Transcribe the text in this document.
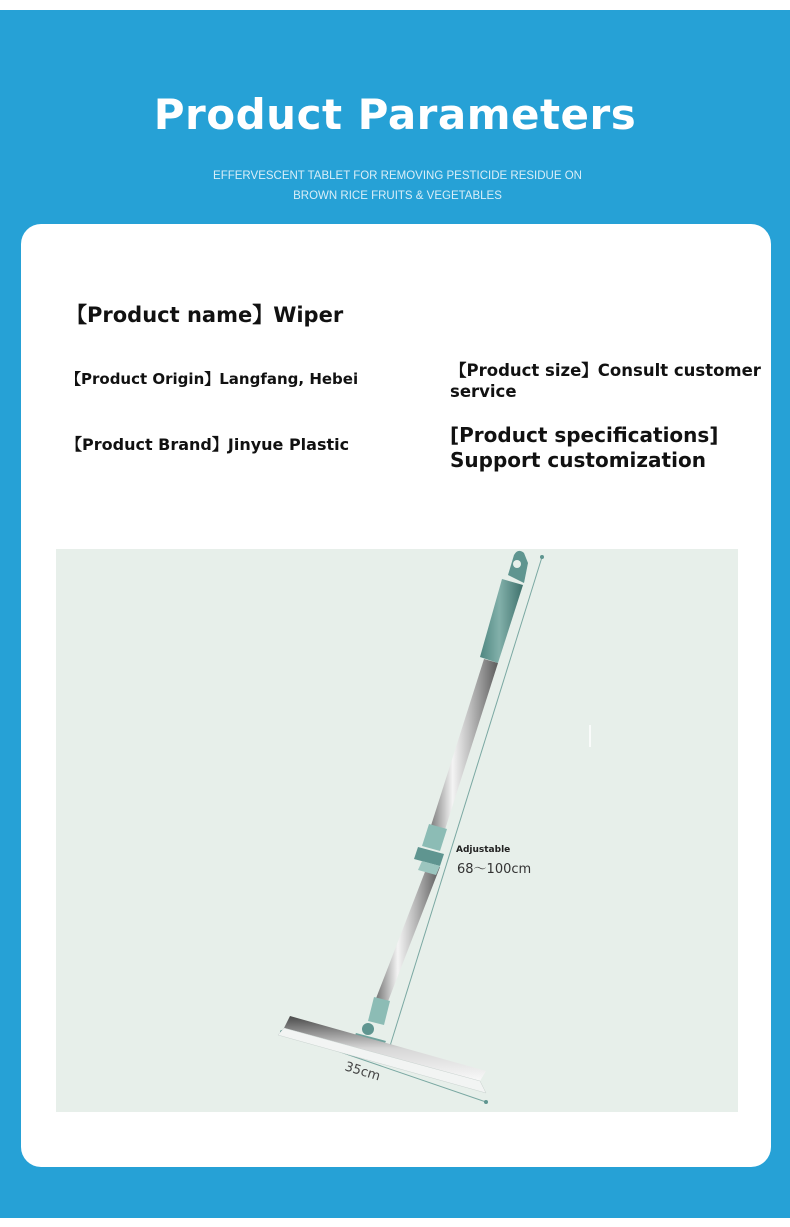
Product Parameters
EFFERVESCENT TABLET FOR REMOVING PESTICIDE RESIDUE ON BROWN RICE FRUITS & VEGETABLES
【Product name】Wiper
【Product Origin】Langfang, Hebei
【Product Brand】Jinyue Plastic
【Product size】Consult customer service
[Product specifications] Support customization
Adjustable
68～100cm
35cm
